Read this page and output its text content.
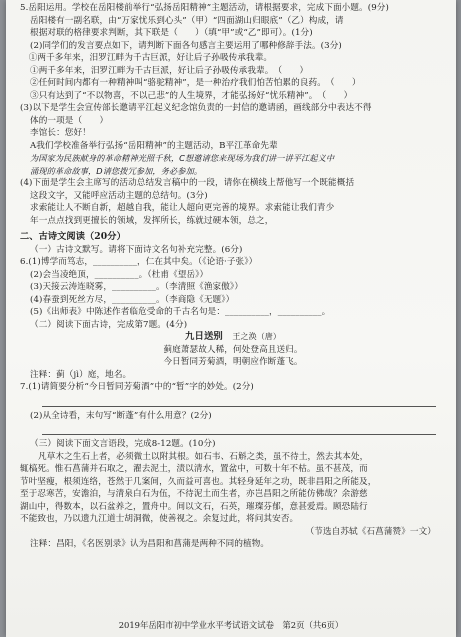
5.岳阳运用。学校在岳阳楼前举行“弘扬岳阳精神”主题活动，请根据要求，完成下面小题。(9分)
岳阳楼有一副名联，由“万家忧乐到心头”（甲）“四面湖山归眼底”（乙）构成，请
根据对联的格律要求判断，其下联是（　　）（填“甲”或“乙”即可）。(1分)
(2)同学们的发言要点如下，请判断下面各句感言主要运用了哪种修辞手法。(3分)
　①两千多年来，汨罗江畔为千古巨派，好让后子孙吸传承我辈。
①两千多年来，汨罗江畔为千古巨派，好让后子孙吸传承我辈。（　　）
②任何时间内都有一种精神叫“骆驼精神”，是一种治疗我们怕苦怕累的良药。（　　）
③只有达到了“不以物喜，不以己悲”的人生境界，才能弘扬好“忧乐精神”。（　　）
(3)以下是学生会宣传部长邀请平江起义纪念馆负责的一封信的邀请函，画线部分中表达不得
体的一项是（　　）
李馆长：您好！
A我们学校准备举行弘扬“岳阳精神”的主题活动，B平江革命先辈
为国家为民族献身的革命精神光照千秋，C想邀请您来现场为我们讲一讲平江起义中
涌现的革命故事，D请您拨冗参加，务必参加。
(4)下面是学生会主席写的活动总结发言稿中的一段，请你在横线上帮他写一个既能概括
这段文字，又能呼应活动主题的总结句。(3分)
求索能让人不断自新，超越自我，能让人超向更完善的境界。求索能让我们青少
年一点点找到更擅长的领域，发挥所长，练就过硬本领，总之，
二、古诗文阅读（20分）
（一）古诗文默写。请将下面诗文名句补充完整。(6分)
6.(1)博学而笃志，__________，仁在其中矣。（《论语·子张》）
(2)会当凌绝顶，__________。（杜甫《望岳》）
(3)天接云涛连晓雾，__________。（李清照《渔家傲》）
(4)春蚕到死丝方尽，__________。（李商隐《无题》）
(5)《出师表》中陈述作者临危受命的千古名句是：__________，__________。
（二）阅读下面古诗，完成第7题。(4分)
九日送别　 王之涣（唐）
蓟庭萧瑟故人稀，何处登高且送归。
今日暂同芳菊酒，明朝应作断蓬飞。
注释：蓟（jì）庭，地名。
7.(1)请简要分析“今日暂同芳菊酒”中的“暂”字的妙处。(2分)
(2)从全诗看，末句写“断蓬”有什么用意？(2分)
（三）阅读下面文言语段，完成8-12题。(10分)
凡草木之生石上者，必须微土以附其根。如石韦、石斛之类，虽不待土，然去其本处，
辄槁死。惟石菖蒲并石取之，濯去泥土，渍以清水，置盆中，可数十年不枯。虽不甚茂，而
节叶坚瘦，根须连络，苍然于几案间，久而益可喜也。其轻身延年之功，既非昌阳之所能及，
至于忍寒苦，安澹泊，与清泉白石为伍，不待泥土而生者，亦岂昌阳之所能仿佛哉？余游慈
湖山中，得数本，以石盆养之，置舟中。间以文石，石英，璀璨芬郁，意甚爱焉。顾恐陆行
不能致也，乃以遗九江道士胡洞微，使善视之。余复过此，将问其安否。
（节选自苏轼《石菖蒲赞》一文）
注释：昌阳，《名医别录》认为昌阳和菖蒲是两种不同的植物。
2019年岳阳市初中学业水平考试语文试卷　第2页（共6页）
